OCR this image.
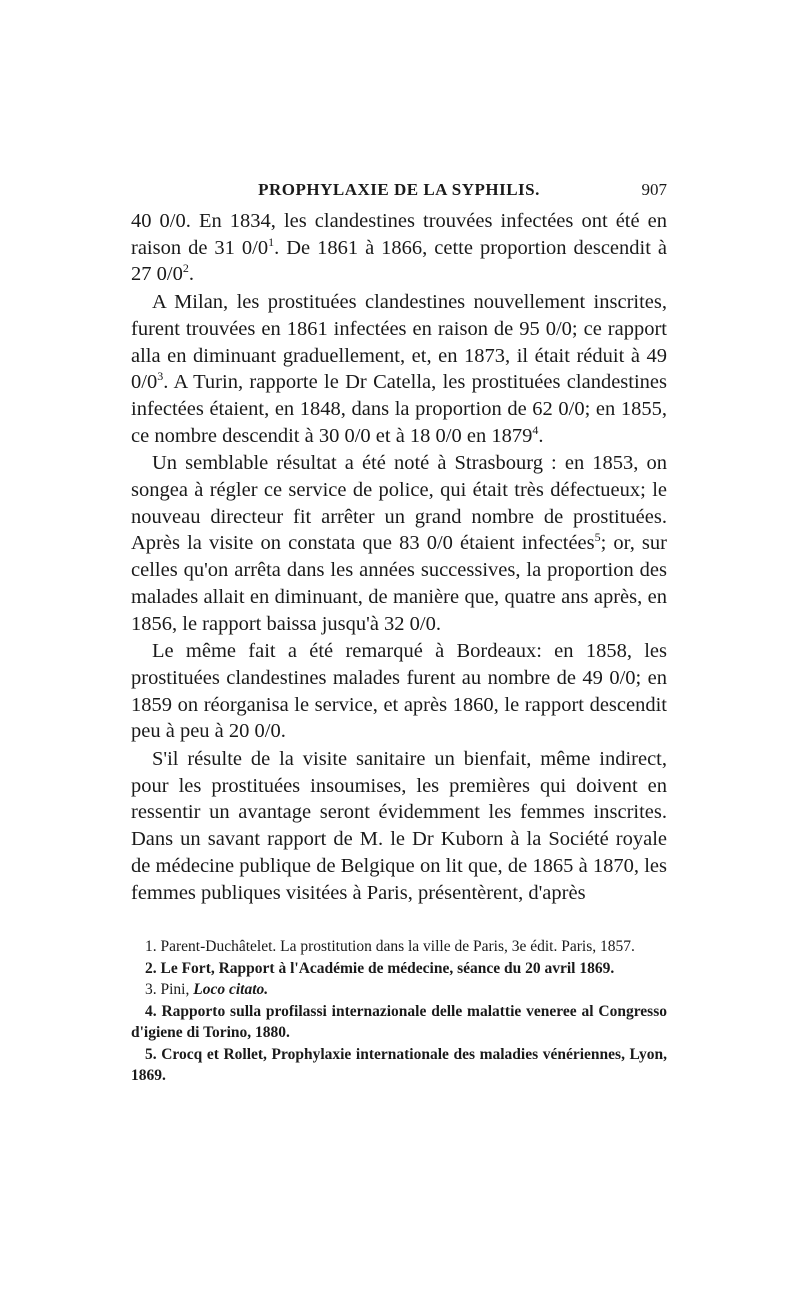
PROPHYLAXIE DE LA SYPHILIS.	907

40 0/0. En 1834, les clandestines trouvées infectées ont été en raison de 31 0/0$^1$. De 1861 à 1866, cette proportion descendit à 27 0/0$^2$.

A Milan, les prostituées clandestines nouvellement inscrites, furent trouvées en 1861 infectées en raison de 95 0/0; ce rapport alla en diminuant graduellement, et, en 1873, il était réduit à 49 0/0$^3$. A Turin, rapporte le Dr Catella, les prostituées clandestines infectées étaient, en 1848, dans la proportion de 62 0/0; en 1855, ce nombre descendit à 30 0/0 et à 18 0/0 en 1879$^4$.

Un semblable résultat a été noté à Strasbourg : en 1853, on songea à régler ce service de police, qui était très défectueux; le nouveau directeur fit arrêter un grand nombre de prostituées. Après la visite on constata que 83 0/0 étaient infectées$^5$; or, sur celles qu'on arrêta dans les années successives, la proportion des malades allait en diminuant, de manière que, quatre ans après, en 1856, le rapport baissa jusqu'à 32 0/0.

Le même fait a été remarqué à Bordeaux: en 1858, les prostituées clandestines malades furent au nombre de 49 0/0; en 1859 on réorganisa le service, et après 1860, le rapport descendit peu à peu à 20 0/0.

S'il résulte de la visite sanitaire un bienfait, même indirect, pour les prostituées insoumises, les premières qui doivent en ressentir un avantage seront évidemment les femmes inscrites. Dans un savant rapport de M. le Dr Kuborn à la Société royale de médecine publique de Belgique on lit que, de 1865 à 1870, les femmes publiques visitées à Paris, présentèrent, d'après

1. Parent-Duchâtelet. La prostitution dans la ville de Paris, 3e édit. Paris, 1857.

2. Le Fort, Rapport à l'Académie de médecine, séance du 20 avril 1869.

3. Pini, Loco citato.

4. Rapporto sulla profilassi internazionale delle malattie veneree al Congresso d'igiene di Torino, 1880.

5. Crocq et Rollet, Prophylaxie internationale des maladies vénériennes, Lyon, 1869.
